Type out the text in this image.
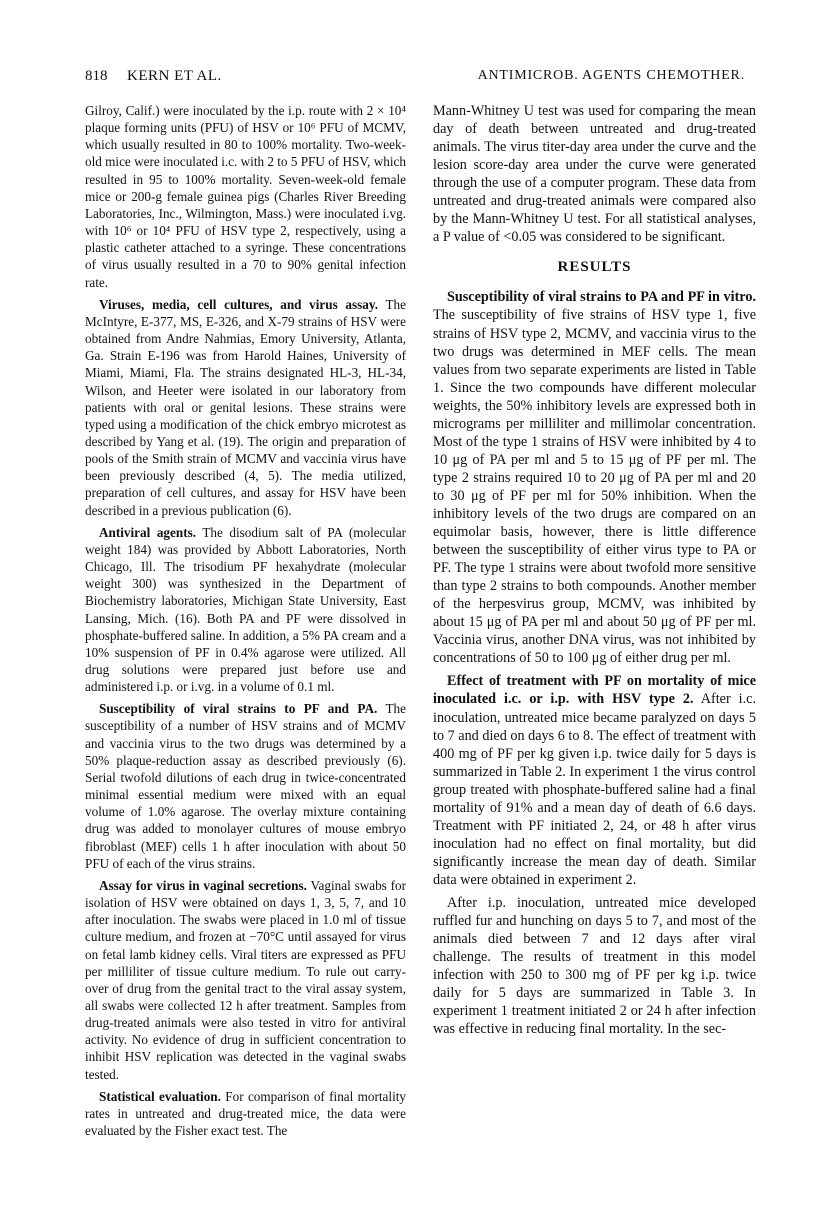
818 KERN ET AL.	ANTIMICROB. AGENTS CHEMOTHER.

Gilroy, Calif.) were inoculated by the i.p. route with 2 × 10⁴ plaque forming units (PFU) of HSV or 10⁶ PFU of MCMV, which usually resulted in 80 to 100% mortality. Two-week-old mice were inoculated i.c. with 2 to 5 PFU of HSV, which resulted in 95 to 100% mortality. Seven-week-old female mice or 200-g female guinea pigs (Charles River Breeding Laboratories, Inc., Wilmington, Mass.) were inoculated i.vg. with 10⁶ or 10⁴ PFU of HSV type 2, respectively, using a plastic catheter attached to a syringe. These concentrations of virus usually resulted in a 70 to 90% genital infection rate.

Viruses, media, cell cultures, and virus assay. The McIntyre, E-377, MS, E-326, and X-79 strains of HSV were obtained from Andre Nahmias, Emory University, Atlanta, Ga. Strain E-196 was from Harold Haines, University of Miami, Miami, Fla. The strains designated HL-3, HL-34, Wilson, and Heeter were isolated in our laboratory from patients with oral or genital lesions. These strains were typed using a modification of the chick embryo microtest as described by Yang et al. (19). The origin and preparation of pools of the Smith strain of MCMV and vaccinia virus have been previously described (4, 5). The media utilized, preparation of cell cultures, and assay for HSV have been described in a previous publication (6).

Antiviral agents. The disodium salt of PA (molecular weight 184) was provided by Abbott Laboratories, North Chicago, Ill. The trisodium PF hexahydrate (molecular weight 300) was synthesized in the Department of Biochemistry laboratories, Michigan State University, East Lansing, Mich. (16). Both PA and PF were dissolved in phosphate-buffered saline. In addition, a 5% PA cream and a 10% suspension of PF in 0.4% agarose were utilized. All drug solutions were prepared just before use and administered i.p. or i.vg. in a volume of 0.1 ml.

Susceptibility of viral strains to PF and PA. The susceptibility of a number of HSV strains and of MCMV and vaccinia virus to the two drugs was determined by a 50% plaque-reduction assay as described previously (6). Serial twofold dilutions of each drug in twice-concentrated minimal essential medium were mixed with an equal volume of 1.0% agarose. The overlay mixture containing drug was added to monolayer cultures of mouse embryo fibroblast (MEF) cells 1 h after inoculation with about 50 PFU of each of the virus strains.

Assay for virus in vaginal secretions. Vaginal swabs for isolation of HSV were obtained on days 1, 3, 5, 7, and 10 after inoculation. The swabs were placed in 1.0 ml of tissue culture medium, and frozen at −70°C until assayed for virus on fetal lamb kidney cells. Viral titers are expressed as PFU per milliliter of tissue culture medium. To rule out carry-over of drug from the genital tract to the viral assay system, all swabs were collected 12 h after treatment. Samples from drug-treated animals were also tested in vitro for antiviral activity. No evidence of drug in sufficient concentration to inhibit HSV replication was detected in the vaginal swabs tested.

Statistical evaluation. For comparison of final mortality rates in untreated and drug-treated mice, the data were evaluated by the Fisher exact test. The

Mann-Whitney U test was used for comparing the mean day of death between untreated and drug-treated animals. The virus titer-day area under the curve and the lesion score-day area under the curve were generated through the use of a computer program. These data from untreated and drug-treated animals were compared also by the Mann-Whitney U test. For all statistical analyses, a P value of <0.05 was considered to be significant.

RESULTS

Susceptibility of viral strains to PA and PF in vitro. The susceptibility of five strains of HSV type 1, five strains of HSV type 2, MCMV, and vaccinia virus to the two drugs was determined in MEF cells. The mean values from two separate experiments are listed in Table 1. Since the two compounds have different molecular weights, the 50% inhibitory levels are expressed both in micrograms per milliliter and millimolar concentration. Most of the type 1 strains of HSV were inhibited by 4 to 10 μg of PA per ml and 5 to 15 μg of PF per ml. The type 2 strains required 10 to 20 μg of PA per ml and 20 to 30 μg of PF per ml for 50% inhibition. When the inhibitory levels of the two drugs are compared on an equimolar basis, however, there is little difference between the susceptibility of either virus type to PA or PF. The type 1 strains were about twofold more sensitive than type 2 strains to both compounds. Another member of the herpesvirus group, MCMV, was inhibited by about 15 μg of PA per ml and about 50 μg of PF per ml. Vaccinia virus, another DNA virus, was not inhibited by concentrations of 50 to 100 μg of either drug per ml.

Effect of treatment with PF on mortality of mice inoculated i.c. or i.p. with HSV type 2. After i.c. inoculation, untreated mice became paralyzed on days 5 to 7 and died on days 6 to 8. The effect of treatment with 400 mg of PF per kg given i.p. twice daily for 5 days is summarized in Table 2. In experiment 1 the virus control group treated with phosphate-buffered saline had a final mortality of 91% and a mean day of death of 6.6 days. Treatment with PF initiated 2, 24, or 48 h after virus inoculation had no effect on final mortality, but did significantly increase the mean day of death. Similar data were obtained in experiment 2.

After i.p. inoculation, untreated mice developed ruffled fur and hunching on days 5 to 7, and most of the animals died between 7 and 12 days after viral challenge. The results of treatment in this model infection with 250 to 300 mg of PF per kg i.p. twice daily for 5 days are summarized in Table 3. In experiment 1 treatment initiated 2 or 24 h after infection was effective in reducing final mortality. In the sec-
